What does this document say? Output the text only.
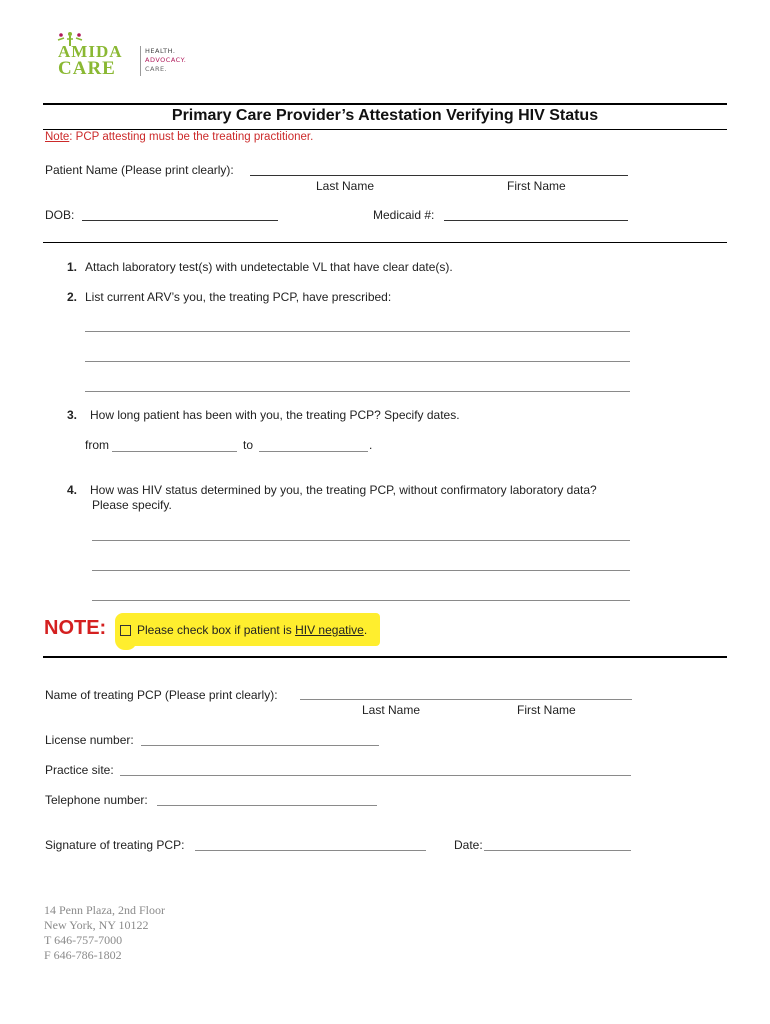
AMIDA
CARE
HEALTH.
ADVOCACY.
CARE.
Primary Care Provider’s Attestation Verifying HIV Status
Note: PCP attesting must be the treating practitioner.
Patient Name (Please print clearly):
Last Name	First Name
DOB:	Medicaid #:
1. Attach laboratory test(s) with undetectable VL that have clear date(s).
2. List current ARV’s you, the treating PCP, have prescribed:
3. How long patient has been with you, the treating PCP? Specify dates.
from	to	.
4. How was HIV status determined by you, the treating PCP, without confirmatory laboratory data?
Please specify.
NOTE:	Please check box if patient is HIV negative.
Name of treating PCP (Please print clearly):
Last Name	First Name
License number:
Practice site:
Telephone number:
Signature of treating PCP:	Date:
14 Penn Plaza, 2nd Floor
New York, NY 10122
T 646-757-7000
F 646-786-1802
